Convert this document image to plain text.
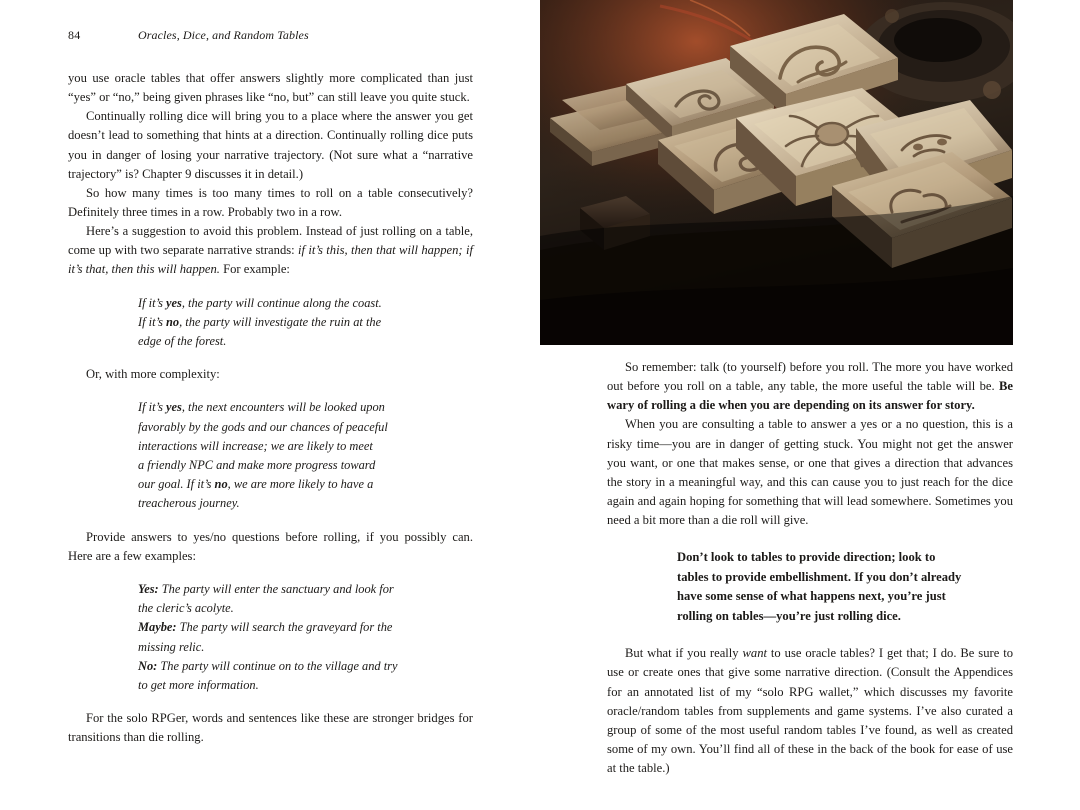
84	Oracles, Dice, and Random Tables

you use oracle tables that offer answers slightly more complicated than just “yes” or “no,” being given phrases like “no, but” can still leave you quite stuck.

Continually rolling dice will bring you to a place where the answer you get doesn’t lead to something that hints at a direction. Continually rolling dice puts you in danger of losing your narrative trajectory. (Not sure what a “narrative trajectory” is? Chapter 9 discusses it in detail.)

So how many times is too many times to roll on a table consecutively? Definitely three times in a row. Probably two in a row.

Here’s a suggestion to avoid this problem. Instead of just rolling on a table, come up with two separate narrative strands: if it’s this, then that will happen; if it’s that, then this will happen. For example:

If it’s yes, the party will continue along the coast.
If it’s no, the party will investigate the ruin at the
edge of the forest.

Or, with more complexity:

If it’s yes, the next encounters will be looked upon
favorably by the gods and our chances of peaceful
interactions will increase; we are likely to meet
a friendly NPC and make more progress toward
our goal. If it’s no, we are more likely to have a
treacherous journey.

Provide answers to yes/no questions before rolling, if you possibly can. Here are a few examples:

Yes: The party will enter the sanctuary and look for
the cleric’s acolyte.
Maybe: The party will search the graveyard for the
missing relic.
No: The party will continue on to the village and try
to get more information.

For the solo RPGer, words and sentences like these are stronger bridges for transitions than die rolling.

So remember: talk (to yourself) before you roll. The more you have worked out before you roll on a table, any table, the more useful the table will be. Be wary of rolling a die when you are depending on its answer for story.

When you are consulting a table to answer a yes or a no question, this is a risky time—you are in danger of getting stuck. You might not get the answer you want, or one that makes sense, or one that gives a direction that advances the story in a meaningful way, and this can cause you to just reach for the dice again and again hoping for something that will lead somewhere. Sometimes you need a bit more than a die roll will give.

Don’t look to tables to provide direction; look to tables to provide embellishment. If you don’t already have some sense of what happens next, you’re just rolling on tables—you’re just rolling dice.

But what if you really want to use oracle tables? I get that; I do. Be sure to use or create ones that give some narrative direction. (Consult the Appendices for an annotated list of my “solo RPG wallet,” which discusses my favorite oracle/random tables from supplements and game systems. I’ve also curated a group of some of the most useful random tables I’ve found, as well as created some of my own. You’ll find all of these in the back of the book for ease of use at the table.)
